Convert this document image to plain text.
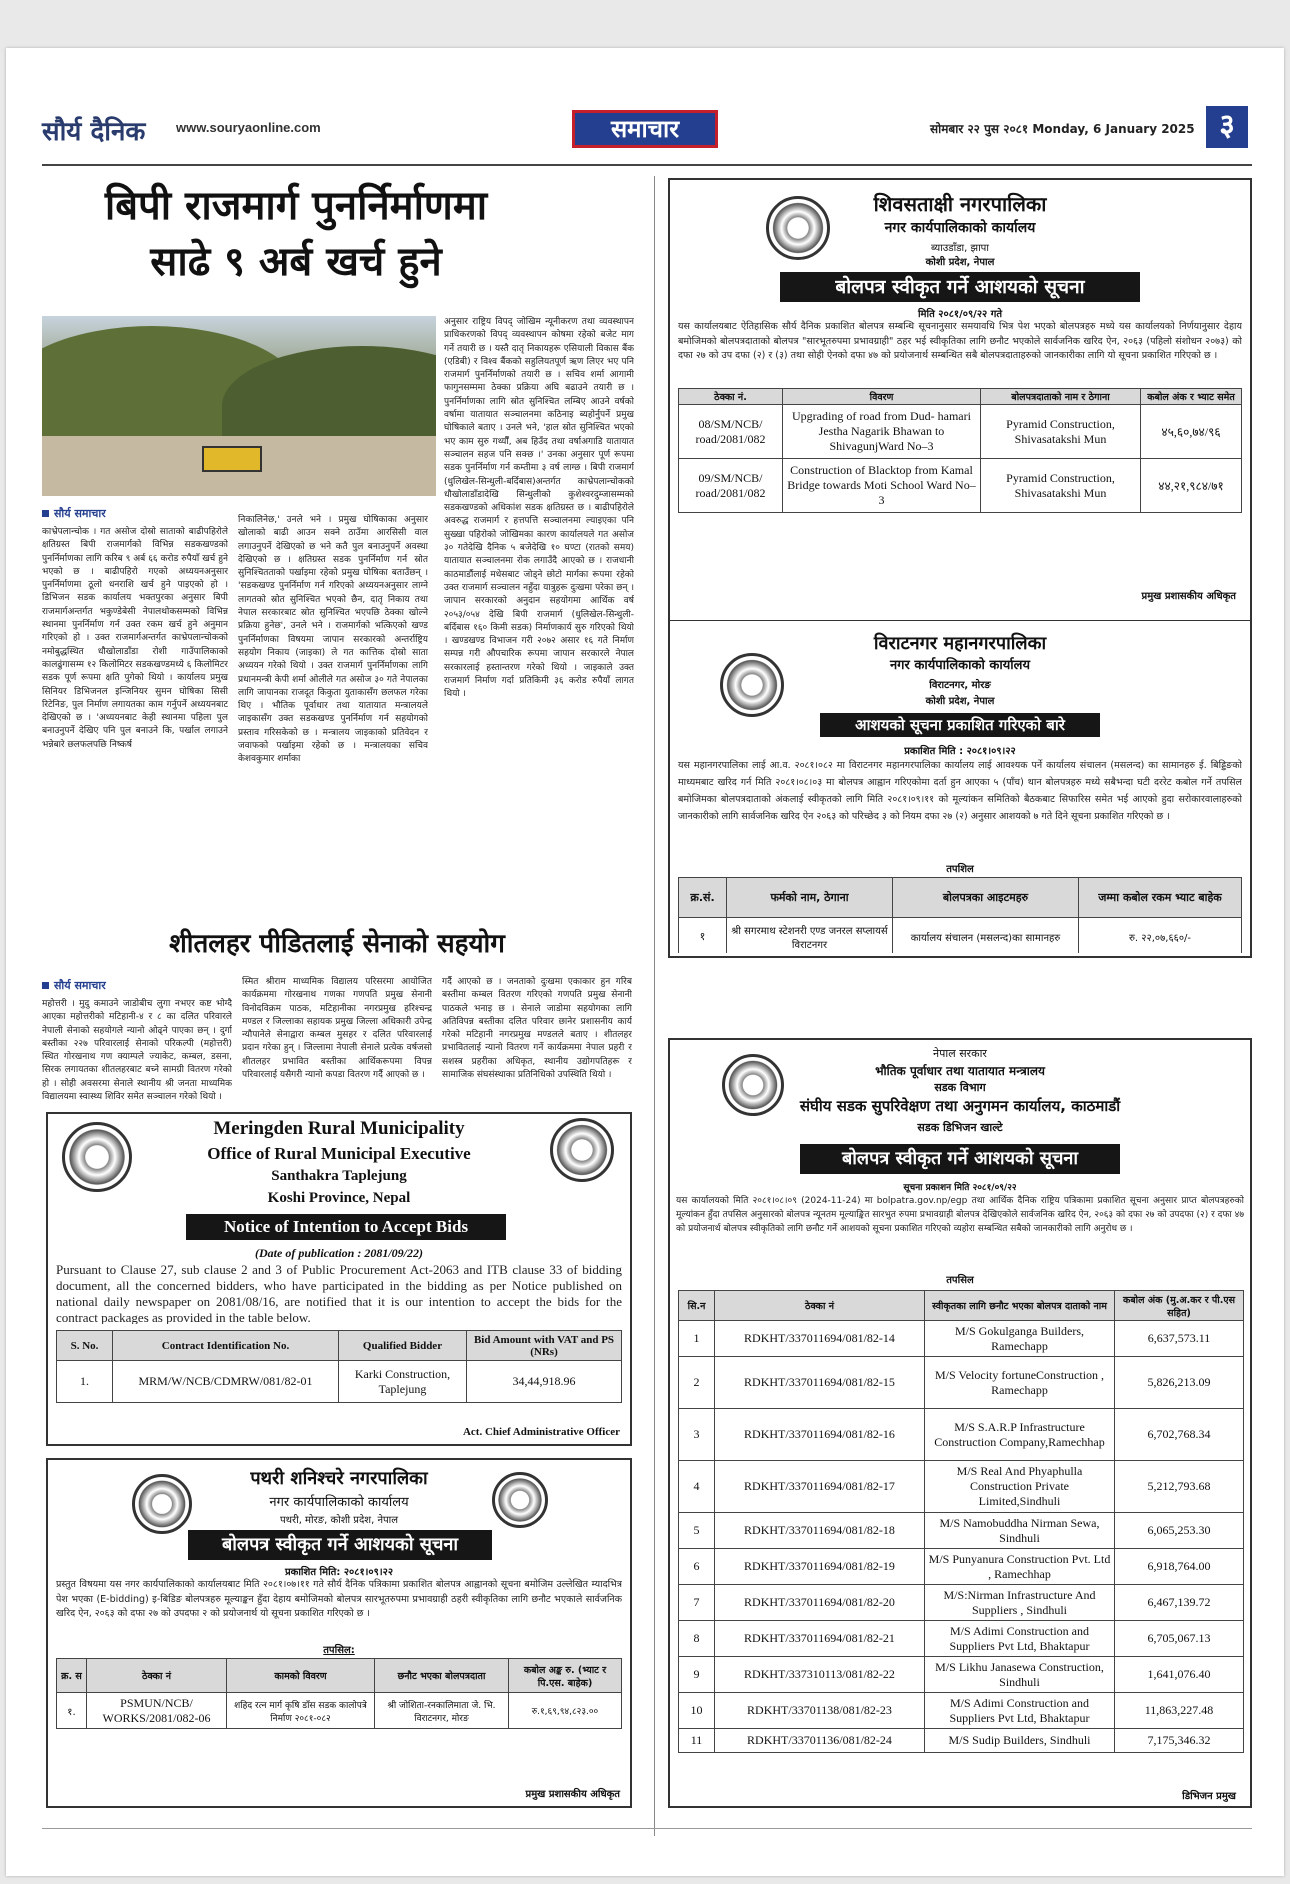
सौर्य दैनिक www.souryaonline.com	समाचार	सोमबार २२ पुस २०८१ Monday, 6 January 2025 ३
बिपी राजमार्ग पुनर्निर्माणमा
साढे ९ अर्ब खर्च हुने
सौर्य समाचार
काभ्रेपलान्चोक । गत असोज दोस्रो साताको बाढीपहिरोले क्षतिग्रस्त बिपी राजमार्गको विभिन्न सडकखण्डको पुनर्निर्माणका लागि करिब ९ अर्ब ६६ करोड रुपैयाँ खर्च हुने भएको छ । बाढीपहिरो गएको अध्ययनअनुसार पुनर्निर्माणमा ठूलो धनराशि खर्च हुने पाइएको हो । डिभिजन सडक कार्यालय भक्तपुरका अनुसार बिपी राजमार्गअन्तर्गत भकुण्डेबेसी नेपालथोकसम्मको विभिन्न स्थानमा पुनर्निर्माण गर्न उक्त रकम खर्च हुने अनुमान गरिएको हो । उक्त राजमार्गअन्तर्गत काभ्रेपलान्चोकको नमोबुद्धस्थित धौखोलाडाँडा रोशी गाउँपालिकाको कालढुंगासम्म १२ किलोमिटर सडकखण्डमध्ये ६ किलोमिटर सडक पूर्ण रूपमा क्षति पुगेको थियो । कार्यालय प्रमुख सिनियर डिभिजनल इन्जिनियर सुमन घोषिका सिसी रिटेनिङ, पुल निर्माण लगायतका काम गर्नुपर्ने अध्ययनबाट देखिएको छ । 'अध्ययनबाट केही स्थानमा पहिला पुल बनाउनुपर्ने देखिए पनि पुल बनाउने कि, पर्खाल लगाउने भन्नेबारे छलफलपछि निष्कर्ष
निकालिनेछ,' उनले भने । प्रमुख घोषिकाका अनुसार खोलाको बाढी आउन सक्ने ठाउँमा आरसिसी वाल लगाउनुपर्ने देखिएको छ भने कतै पुल बनाउनुपर्ने अवस्था देखिएको छ । क्षतिग्रस्त सडक पुनर्निर्माण गर्न स्रोत सुनिश्चितताको पर्खाइमा रहेको प्रमुख घोषिका बताउँछन् । 'सडकखण्ड पुनर्निर्माण गर्न गरिएको अध्ययनअनुसार लाग्ने लागतको स्रोत सुनिश्चित भएको छैन, दातृ निकाय तथा नेपाल सरकारबाट स्रोत सुनिश्चित भएपछि ठेक्का खोल्ने प्रक्रिया हुनेछ', उनले भने । राजमार्गको भत्किएको खण्ड पुनर्निर्माणका विषयमा जापान सरकारको अन्तर्राष्ट्रिय सहयोग निकाय (जाइका) ले गत कात्तिक दोस्रो साता अध्ययन गरेको थियो । उक्त राजमार्ग पुनर्निर्माणका लागि प्रधानमन्त्री केपी शर्मा ओलीले गत असोज ३० गते नेपालका लागि जापानका राजदूत किकुता युताकासँग छलफल गरेका थिए । भौतिक पूर्वाधार तथा यातायात मन्त्रालयले जाइकासँग उक्त सडकखण्ड पुनर्निर्माण गर्न सहयोगको प्रस्ताव गरिसकेको छ । मन्त्रालय जाइकाको प्रतिवेदन र जवाफको पर्खाइमा रहेको छ । मन्त्रालयका सचिव केशवकुमार शर्माका
अनुसार राष्ट्रिय विपद् जोखिम न्यूनीकरण तथा व्यवस्थापन प्राधिकरणको विपद् व्यवस्थापन कोषमा रहेको बजेट माग गर्ने तयारी छ । यस्तै दातृ निकायहरू एसियाली विकास बैंक (एडिबी) र विश्व बैंकको सहुलियतपूर्ण ऋण लिएर भए पनि राजमार्ग पुनर्निर्माणको तयारी छ । सचिव शर्मा आगामी फागुनसम्ममा ठेक्का प्रक्रिया अघि बढाउने तयारी छ । पुनर्निर्माणका लागि स्रोत सुनिश्चित लम्बिए आउने वर्षको वर्षामा यातायात सञ्चालनमा कठिनाइ ब्यहोर्नुपर्ने प्रमुख घोषिकाले बताए । उनले भने, 'हाल स्रोत सुनिश्चित भएको भए काम सुरु गर्थ्यौं, अब हिउँद तथा वर्षाअगाडि यातायात सञ्चालन सहज पनि सक्छ ।' उनका अनुसार पूर्ण रूपमा सडक पुनर्निर्माण गर्न कम्तीमा ३ वर्ष लाग्छ । बिपी राजमार्ग (धुलिखेल-सिन्धुली-बर्दिबास)अन्तर्गत काभ्रेपलान्चोकको धौखोलाडाँडादेखि सिन्धुलीको कुशेश्वरदुम्जासम्मको सडकखण्डको अधिकांश सडक क्षतिग्रस्त छ । बाढीपहिरोले अवरुद्ध राजमार्ग र हत्तपत्ति सञ्चालनमा ल्याइएका पनि सुख्खा पहिरोको जोखिमका कारण कार्यालयले गत असोज ३० गतेदेखि दैनिक ५ बजेदेखि १० घण्टा (रातको समय) यातायात सञ्चालनमा रोक लगाउँदै आएको छ । राजधानी काठमाडौंलाई मधेसबाट जोड्ने छोटो मार्गका रूपमा रहेको उक्त राजमार्ग सञ्चालन नहुँदा यात्रुहरू दुःखमा परेका छन् । जापान सरकारको अनुदान सहयोगमा आर्थिक वर्ष २०५३/०५४ देखि बिपी राजमार्ग (धुलिखेल-सिन्धुली-बर्दिबास १६० किमी सडक) निर्माणकार्य सुरु गरिएको थियो । खण्डखण्ड विभाजन गरी २०७२ असार १६ गते निर्माण सम्पन्न गरी औपचारिक रूपमा जापान सरकारले नेपाल सरकारलाई हस्तान्तरण गरेको थियो । जाइकाले उक्त राजमार्ग निर्माण गर्दा प्रतिकिमी ३६ करोड रुपैयाँ लागत थियो ।
शीतलहर पीडितलाई सेनाको सहयोग
सौर्य समाचार
महोत्तरी । मुदु कमाउने जाडोबीच लुगा नभएर कष्ट भोग्दै आएका महोत्तरीको मटिहानी-४ र ८ का दलित परिवारले नेपाली सेनाको सहयोगले न्यानो ओढ्ने पाएका छन् । दुर्गा बस्तीका २२७ परिवारलाई सेनाको परिकल्पी (महोत्तरी) स्थित गोरखनाथ गण क्याम्पले ज्याकेट, कम्बल, डसना, सिरक लगायतका शीतलहरबाट बच्ने सामग्री वितरण गरेको हो । सोही अवसरमा सेनाले स्थानीय श्री जनता माध्यमिक विद्यालयमा स्वास्थ्य शिविर समेत सञ्चालन गरेको थियो ।
स्मित श्रीराम माध्यमिक विद्यालय परिसरमा आयोजित कार्यक्रममा गोरखनाथ गणका गणपति प्रमुख सेनानी विनोदविक्रम पाठक, मटिहानीका नगरप्रमुख हरिश्चन्द्र मण्डल र जिल्लाका सहायक प्रमुख जिल्ला अधिकारी उपेन्द्र न्यौपानेले सेनाद्वारा कम्बल मुसहर र दलित परिवारलाई प्रदान गरेका हुन् । जिल्लामा नेपाली सेनाले प्रत्येक वर्षजसो शीतलहर प्रभावित बस्तीका आर्थिकरूपमा विपन्न परिवारलाई यसैगरी न्यानो कपडा वितरण गर्दै आएको छ ।
गर्दै आएको छ । जनताको दुःखमा एकाकार हुन गरिब बस्तीमा कम्बल वितरण गरिएको गणपति प्रमुख सेनानी पाठकले भनाइ छ । सेनाले जाडोमा सहयोगका लागि अतिविपन्न बस्तीका दलित परिवार छानेर प्रशासनीय कार्य गरेको मटिहानी नगरप्रमुख मण्डलले बताए । शीतलहर प्रभावितलाई न्यानो वितरण गर्ने कार्यक्रममा नेपाल प्रहरी र सशस्त्र प्रहरीका अधिकृत, स्थानीय उद्योगपतिहरू र सामाजिक संघसंस्थाका प्रतिनिधिको उपस्थिति थियो ।
शिवसताक्षी नगरपालिका
नगर कार्यपालिकाको कार्यालय
ब्याउडाँडा, झापा
कोशी प्रदेश, नेपाल
बोलपत्र स्वीकृत गर्ने आशयको सूचना
मिति २०८१/०९/२२ गते
यस कार्यालयबाट ऐतिहासिक सौर्य दैनिक प्रकाशित बोलपत्र सम्बन्धि सूचनानुसार समयावधि भित्र पेश भएको बोलपत्रहरु मध्ये यस कार्यालयको निर्णयानुसार देहाय बमोजिमको बोलपत्रदाताको बोलपत्र "सारभूतरुपमा प्रभावग्राही" ठहर भई स्वीकृतिका लागि छनौट भएकोले सार्वजनिक खरिद ऐन, २०६३ (पहिलो संशोधन २०७३) को दफा २७ को उप दफा (२) र (३) तथा सोही ऐनको दफा ४७ को प्रयोजनार्थ सम्बन्धित सबै बोलपत्रदाताहरुको जानकारीका लागि यो सूचना प्रकाशित गरिएको छ ।
ठेक्का नं.	विवरण	बोलपत्रदाताको नाम र ठेगाना	कबोल अंक र भ्याट समेत
08/SM/NCB/ road/2081/082	Upgrading of road from Dud- hamari Jestha Nagarik Bhawan to ShivagunjWard No–3	Pyramid Construction, Shivasatakshi Mun	४५,६०,७४/९६
09/SM/NCB/ road/2081/082	Construction of Blacktop from Kamal Bridge towards Moti School Ward No–3	Pyramid Construction, Shivasatakshi Mun	४४,२१,९८४/७१
प्रमुख प्रशासकीय अधिकृत
विराटनगर महानगरपालिका
नगर कार्यपालिकाको कार्यालय
विराटनगर, मोरङ
कोशी प्रदेश, नेपाल
आशयको सूचना प्रकाशित गरिएको बारे
प्रकाशित मिति : २०८१।०९।२२
यस महानगरपालिका लाई आ.व. २०८१।०८२ मा विराटनगर महानगरपालिका कार्यालय लाई आवश्यक पर्ने कार्यालय संचालन (मसलन्द) का सामानहरु ई. बिड्डिङको माध्यमबाट खरिद गर्न मिति २०८१।०८।०३ मा बोलपत्र आह्वान गरिएकोमा दर्ता हुन आएका ५ (पाँच) थान बोलपत्रहरु मध्ये सबैभन्दा घटी दररेट कबोल गर्ने तपसिल बमोजिमका बोलपत्रदाताको अंकलाई स्वीकृतको लागि मिति २०८१।०९।११ को मूल्यांकन समितिको बैठकबाट सिफारिस समेत भई आएको हुदा सरोकारवालाहरुको जानकारीको लागि सार्वजनिक खरिद ऐन २०६३ को परिच्छेद ३ को नियम दफा २७ (२) अनुसार आशयको ७ गते दिने सूचना प्रकाशित गरिएको छ ।
तपशिल
क्र.सं.	फर्मको नाम, ठेगाना	बोलपत्रका आइटमहरु	जम्मा कबोल रकम भ्याट बाहेक
१	श्री सगरमाथ स्टेशनरी एण्ड जनरल सप्लायर्स विराटनगर	कार्यालय संचालन (मसलन्द)का सामानहरु	रु. २२,०७,६६०/-
Meringden Rural Municipality
Office of Rural Municipal Executive
Santhakra Taplejung
Koshi Province, Nepal
Notice of Intention to Accept Bids
(Date of publication : 2081/09/22)
Pursuant to Clause 27, sub clause 2 and 3 of Public Procurement Act-2063 and ITB clause 33 of bidding document, all the concerned bidders, who have participated in the bidding as per Notice published on national daily newspaper on 2081/08/16, are notified that it is our intention to accept the bids for the contract packages as provided in the table below.
S. No.	Contract Identification No.	Qualified Bidder	Bid Amount with VAT and PS (NRs)
1.	MRM/W/NCB/CDMRW/081/82-01	Karki Construction, Taplejung	34,44,918.96
Act. Chief Administrative Officer
पथरी शनिश्चरे नगरपालिका
नगर कार्यपालिकाको कार्यालय
पथरी, मोरङ, कोशी प्रदेश, नेपाल
बोलपत्र स्वीकृत गर्ने आशयको सूचना
प्रकाशित मिति: २०८१।०९।२२
प्रस्तुत विषयमा यस नगर कार्यपालिकाको कार्यालयबाट मिति २०८१।०७।११ गते सौर्य दैनिक पत्रिकामा प्रकाशित बोलपत्र आह्वानको सूचना बमोजिम उल्लेखित म्यादभित्र पेश भएका (E-bidding) इ-बिडिङ बोलपत्रहरु मूल्याङ्कन हुँदा देहाय बमोजिमको बोलपत्र सारभूतरुपमा प्रभावग्राही ठहरी स्वीकृतिका लागि छनौट भएकाले सार्वजनिक खरिद ऐन, २०६३ को दफा २७ को उपदफा २ को प्रयोजनार्थ यो सूचना प्रकाशित गरिएको छ ।
तपसिल:
क्र. स	ठेक्का नं	कामको विवरण	छनौट भएका बोलपत्रदाता	कबोल अङ्क रु. (भ्याट र पि.एस. बाहेक)
१.	PSMUN/NCB/ WORKS/2081/082-06	शहिद रत्न मार्ग कृषि डाँस सडक कालोपत्रे निर्माण २०८१-०८२	श्री जोशिता-रनकालिमाता जे. भि. विराटनगर, मोरङ	रु.१,६९,९४,८२३.००
प्रमुख प्रशासकीय अधिकृत
नेपाल सरकार
भौतिक पूर्वाधार तथा यातायात मन्त्रालय
सडक विभाग
संघीय सडक सुपरिवेक्षण तथा अनुगमन कार्यालय, काठमाडौं
सडक डिभिजन खाल्टे
बोलपत्र स्वीकृत गर्ने आशयको सूचना
सूचना प्रकाशन मिति २०८१/०९/२२
यस कार्यालयको मिति २०८१।०८।०९ (2024-11-24) मा bolpatra.gov.np/egp तथा आर्थिक दैनिक राष्ट्रिय पत्रिकामा प्रकाशित सूचना अनुसार प्राप्त बोलपत्रहरुको मूल्यांकन हुँदा तपसिल अनुसारको बोलपत्र न्यूनतम मूल्याङ्कित सारभुत रुपमा प्रभावग्राही बोलपत्र देखिएकोले सार्वजनिक खरिद ऐन, २०६३ को दफा २७ को उपदफा (२) र दफा ४७ को प्रयोजनार्थ बोलपत्र स्वीकृतिको लागि छनौट गर्ने आशयको सूचना प्रकाशित गरिएको व्यहोरा सम्बन्धित सबैको जानकारीको लागि अनुरोध छ ।
तपसिल
सि.न	ठेक्का नं	स्वीकृतका लागि छनौट भएका बोलपत्र दाताको नाम	कबोल अंक (मु.अ.कर र पी.एस सहित)
1	RDKHT/337011694/081/82-14	M/S Gokulganga Builders, Ramechapp	6,637,573.11
2	RDKHT/337011694/081/82-15	M/S Velocity fortuneConstruction , Ramechapp	5,826,213.09
3	RDKHT/337011694/081/82-16	M/S S.A.R.P Infrastructure Construction Company,Ramechhap	6,702,768.34
4	RDKHT/337011694/081/82-17	M/S Real And Phyaphulla Construction Private Limited,Sindhuli	5,212,793.68
5	RDKHT/337011694/081/82-18	M/S Namobuddha Nirman Sewa, Sindhuli	6,065,253.30
6	RDKHT/337011694/081/82-19	M/S Punyanura Construction Pvt. Ltd , Ramechhap	6,918,764.00
7	RDKHT/337011694/081/82-20	M/S:Nirman Infrastructure And Suppliers , Sindhuli	6,467,139.72
8	RDKHT/337011694/081/82-21	M/S Adimi Construction and Suppliers Pvt Ltd, Bhaktapur	6,705,067.13
9	RDKHT/337310113/081/82-22	M/S Likhu Janasewa Construction, Sindhuli	1,641,076.40
10	RDKHT/33701138/081/82-23	M/S Adimi Construction and Suppliers Pvt Ltd, Bhaktapur	11,863,227.48
11	RDKHT/33701136/081/82-24	M/S Sudip Builders, Sindhuli	7,175,346.32
डिभिजन प्रमुख
